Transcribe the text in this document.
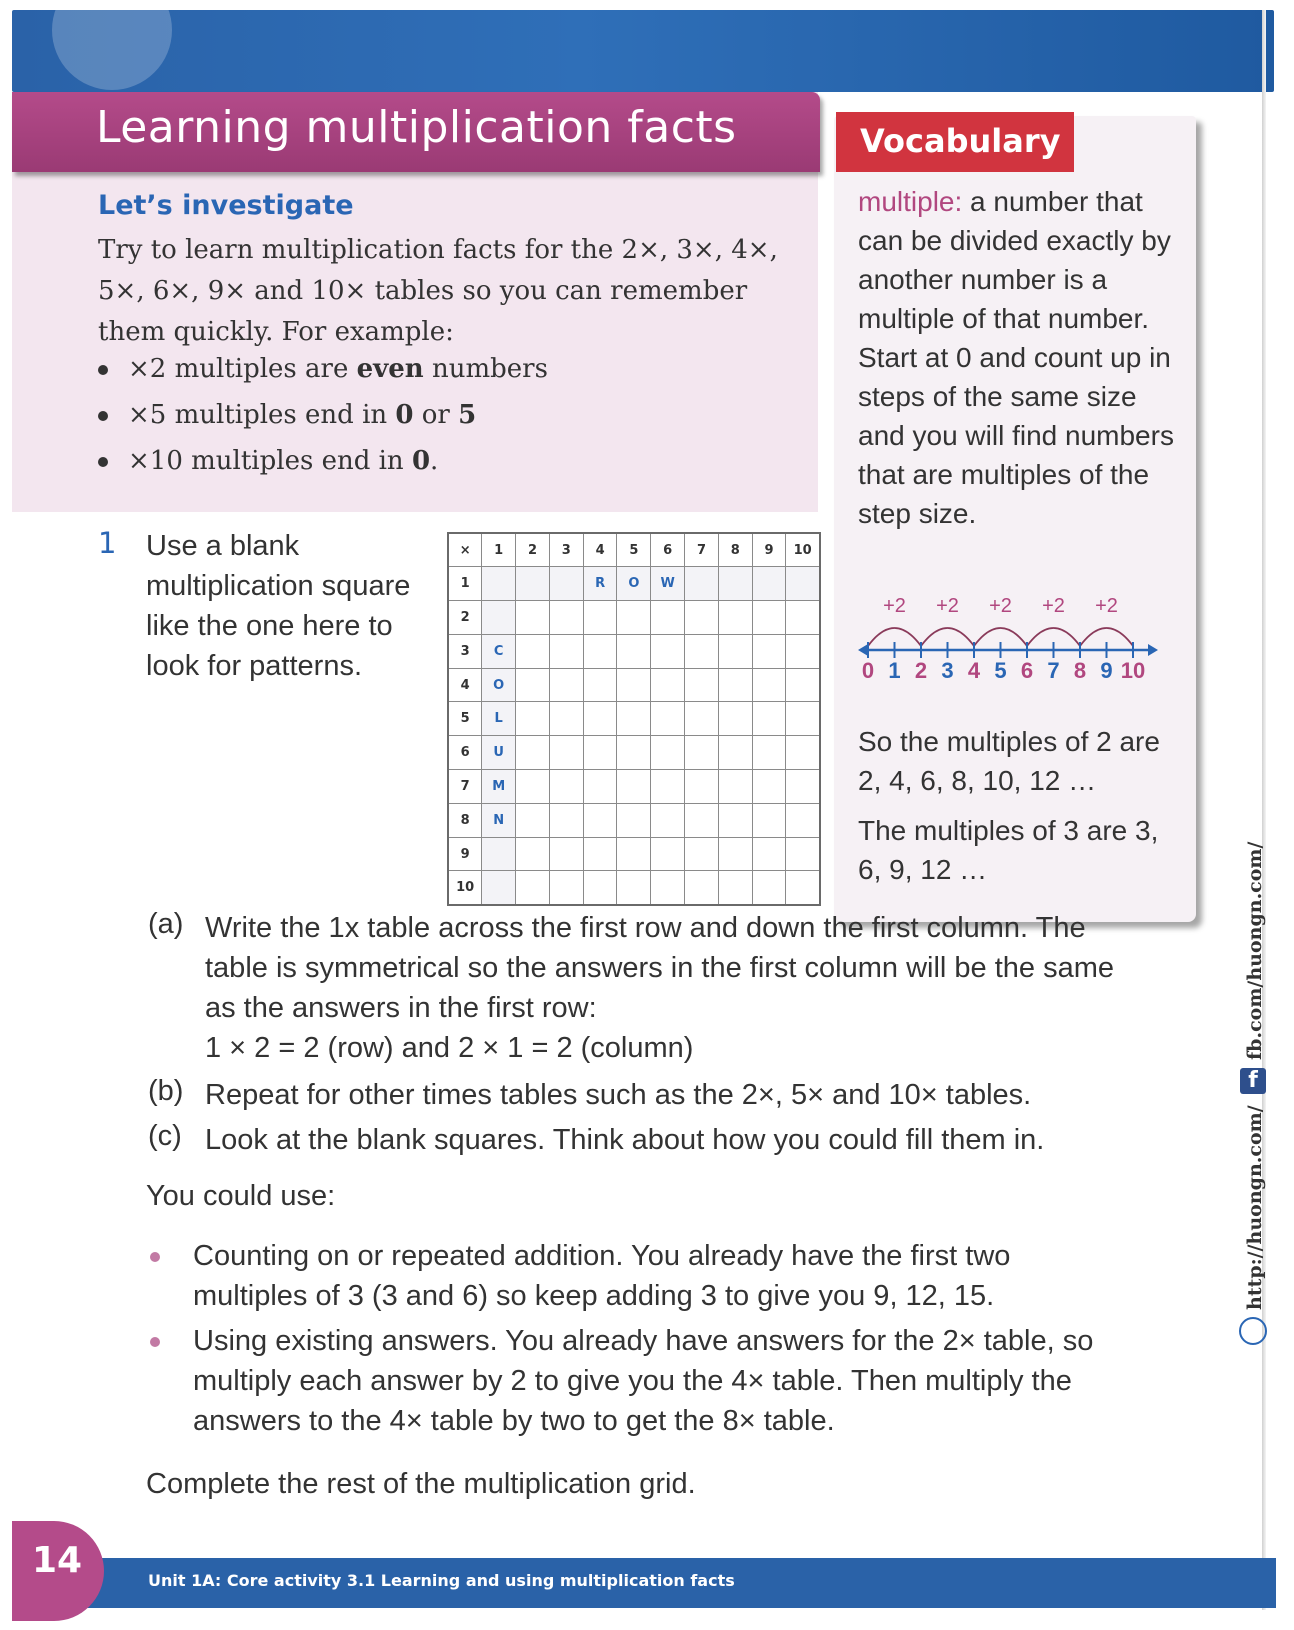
Learning multiplication facts
Let’s investigate
Try to learn multiplication facts for the 2×, 3×, 4×, 5×, 6×, 9× and 10× tables so you can remember them quickly. For example:
×2 multiples are even numbers
×5 multiples end in 0 or 5
×10 multiples end in 0.
Vocabulary
multiple: a number that can be divided exactly by another number is a multiple of that number. Start at 0 and count up in steps of the same size and you will find numbers that are multiples of the step size.
+2 +2 +2 +2 +2
0 1 2 3 4 5 6 7 8 9 10
So the multiples of 2 are 2, 4, 6, 8, 10, 12 …
The multiples of 3 are 3, 6, 9, 12 …
1 Use a blank multiplication square like the one here to look for patterns.
×	1	2	3	4	5	6	7	8	9	10
1				R	O	W				
2										
3	C									
4	O									
5	L									
6	U									
7	M									
8	N									
9										
10										
(a) Write the 1x table across the first row and down the first column. The table is symmetrical so the answers in the first column will be the same as the answers in the first row:
1 × 2 = 2 (row) and 2 × 1 = 2 (column)
(b) Repeat for other times tables such as the 2×, 5× and 10× tables.
(c) Look at the blank squares. Think about how you could fill them in.
You could use:
Counting on or repeated addition. You already have the first two multiples of 3 (3 and 6) so keep adding 3 to give you 9, 12, 15.
Using existing answers. You already have answers for the 2× table, so multiply each answer by 2 to give you the 4× table. Then multiply the answers to the 4× table by two to get the 8× table.
Complete the rest of the multiplication grid.
Unit 1A: Core activity 3.1 Learning and using multiplication facts
14
fb.com/huongn.com/
f
http://huongn.com/
